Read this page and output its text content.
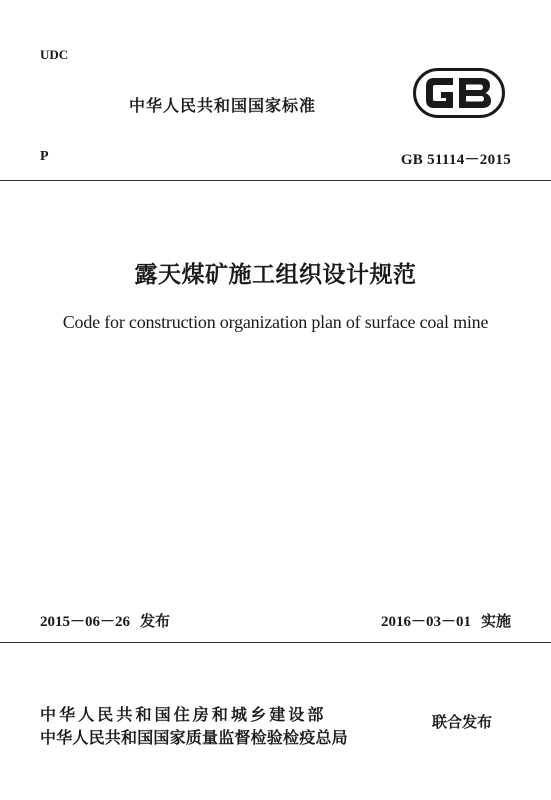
UDC
中华人民共和国国家标准
P	GB 51114－2015
露天煤矿施工组织设计规范
Code for construction organization plan of surface coal mine
2015－06－26 发布	2016－03－01 实施
中华人民共和国住房和城乡建设部
中华人民共和国国家质量监督检验检疫总局
联合发布
